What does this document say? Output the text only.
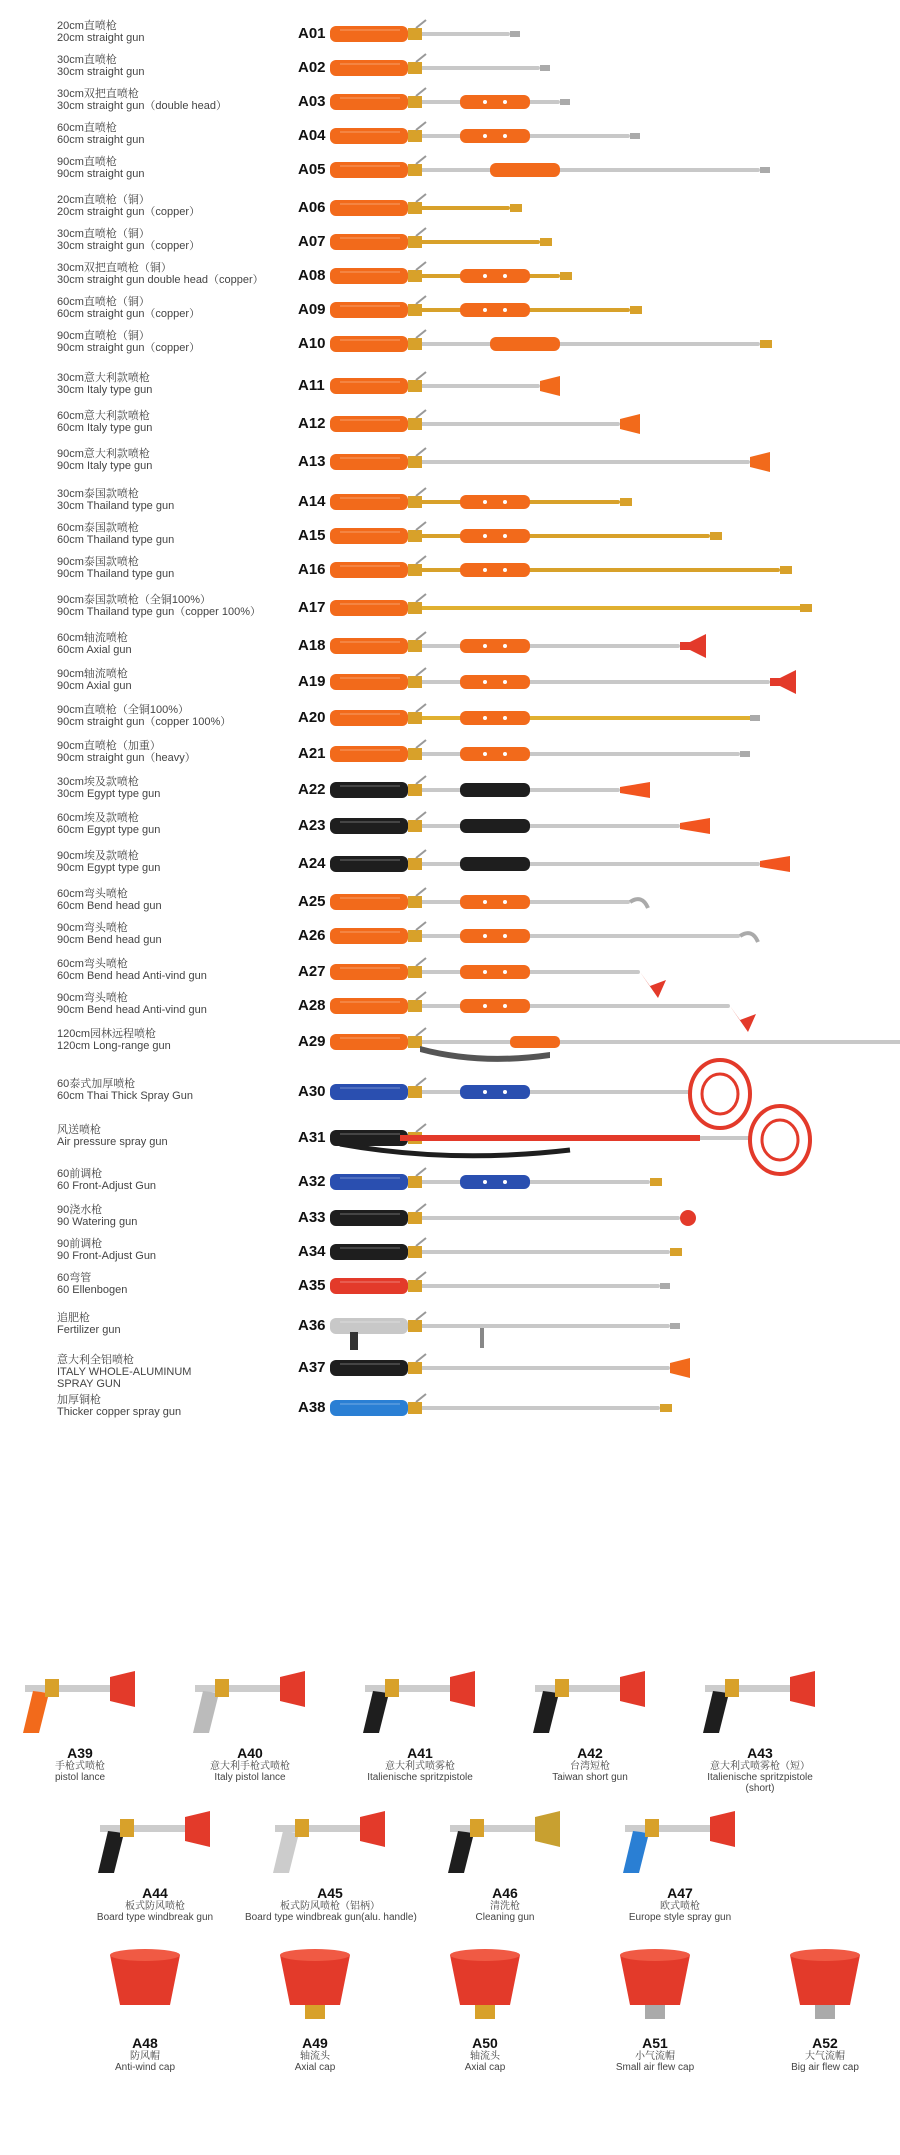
20cm直喷枪
20cm straight gun	A01
30cm直喷枪
30cm straight gun	A02
30cm双把直喷枪
30cm straight gun（double head）	A03
60cm直喷枪
60cm straight gun	A04
90cm直喷枪
90cm straight gun	A05
20cm直喷枪（铜）
20cm straight gun（copper）	A06
30cm直喷枪（铜）
30cm straight gun（copper）	A07
30cm双把直喷枪（铜）
30cm straight gun double head（copper） A08
60cm直喷枪（铜）
60cm straight gun（copper）	A09
90cm直喷枪（铜）
90cm straight gun（copper）	A10
30cm意大利款喷枪
30cm Italy type gun	A11
60cm意大利款喷枪
60cm Italy type gun	A12
90cm意大利款喷枪
90cm Italy type gun	A13
30cm泰国款喷枪
30cm Thailand type gun	A14
60cm泰国款喷枪
60cm Thailand type gun	A15
90cm泰国款喷枪
90cm Thailand type gun	A16
90cm泰国款喷枪（全铜100%）
90cm Thailand type gun（copper 100%） A17
60cm轴流喷枪
60cm Axial gun	A18
90cm轴流喷枪
90cm Axial gun	A19
90cm直喷枪（全铜100%）
90cm straight gun（copper 100%）	A20
90cm直喷枪（加重）
90cm straight gun（heavy）	A21
30cm埃及款喷枪
30cm Egypt type gun	A22
60cm埃及款喷枪
60cm Egypt type gun	A23
90cm埃及款喷枪
90cm Egypt type gun	A24
60cm弯头喷枪
60cm Bend head gun	A25
90cm弯头喷枪
90cm Bend head gun	A26
60cm弯头喷枪
60cm Bend head Anti-vind gun	A27
90cm弯头喷枪
90cm Bend head Anti-vind gun	A28
120cm园林远程喷枪
120cm Long-range gun	A29
60泰式加厚喷枪
60cm Thai Thick Spray Gun	A30
风送喷枪
Air pressure spray gun	A31
60前调枪
60 Front-Adjust Gun	A32
90浇水枪
90 Watering gun	A33
90前调枪
90 Front-Adjust Gun	A34
60弯管
60 Ellenbogen	A35
追肥枪
Fertilizer gun	A36
意大利全铝喷枪
ITALY WHOLE-ALUMINUM
SPRAY GUN
A37
加厚铜枪
Thicker copper spray gun	A38
A39
手枪式喷枪
pistol lance
A40
意大利手枪式喷枪
Italy pistol lance
A41
意大利式喷雾枪
Italienische spritzpistole
A42
台湾短枪
Taiwan short gun
A43
意大利式喷雾枪（短）
Italienische spritzpistole
(short)
A44
板式防风喷枪
Board type windbreak gun
A45
板式防风喷枪（铝柄）
Board type windbreak gun(alu. handle)
A46
清洗枪
Cleaning gun
A47
欧式喷枪
Europe style spray gun
A48
防风帽
Anti-wind cap
A49
轴流头
Axial cap
A50
轴流头
Axial cap
A51
小气流帽
Small air flew cap
A52
大气流帽
Big air flew cap
